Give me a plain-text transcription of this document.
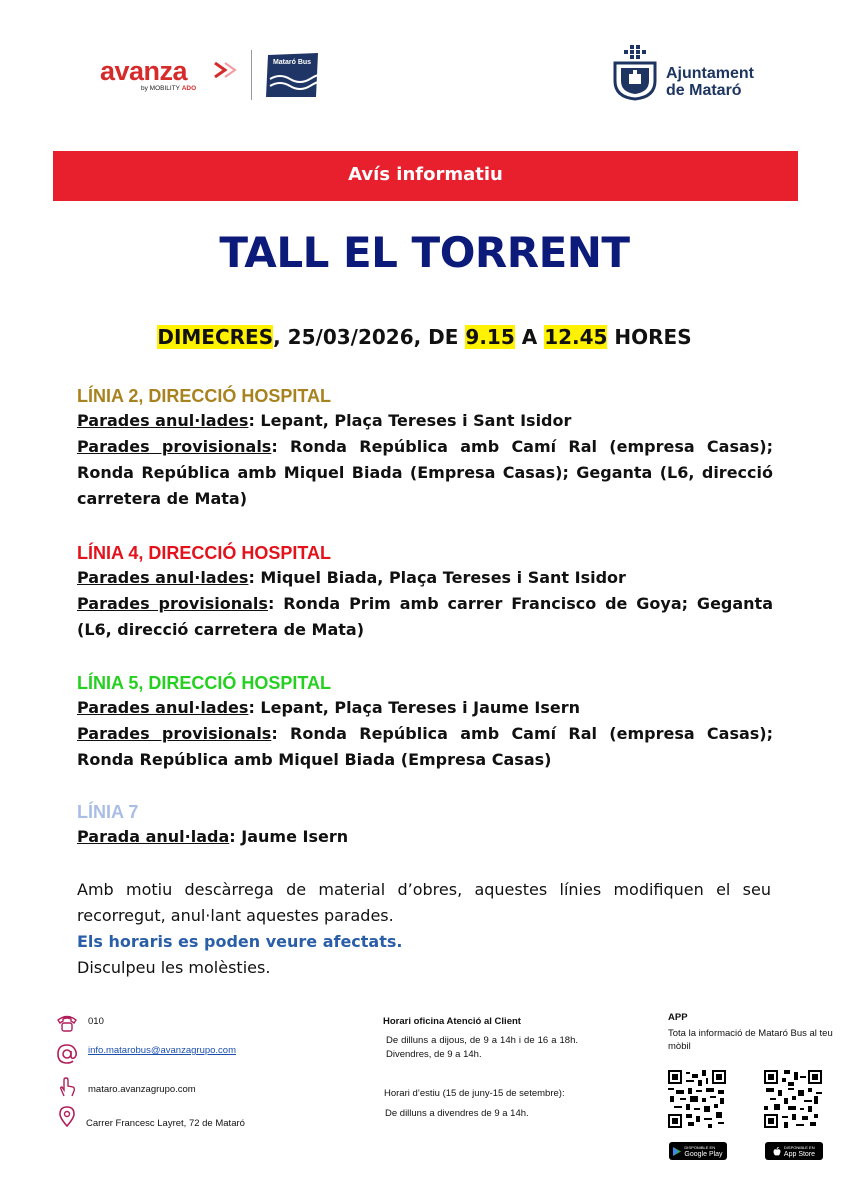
avanza
by MOBILITY ADO
Mataró Bus
Ajuntament
de Mataró
Avís informatiu
TALL EL TORRENT
DIMECRES, 25/03/2026, DE 9.15 A 12.45 HORES
LÍNIA 2, DIRECCIÓ HOSPITAL

Parades anul·lades: Lepant, Plaça Tereses i Sant Isidor

Parades provisionals: Ronda República amb Camí Ral (empresa Casas); Ronda República amb Miquel Biada (Empresa Casas); Geganta (L6, direcció carretera de Mata)

LÍNIA 4, DIRECCIÓ HOSPITAL

Parades anul·lades: Miquel Biada, Plaça Tereses i Sant Isidor

Parades provisionals: Ronda Prim amb carrer Francisco de Goya; Geganta (L6, direcció carretera de Mata)

LÍNIA 5, DIRECCIÓ HOSPITAL

Parades anul·lades: Lepant, Plaça Tereses i Jaume Isern

Parades provisionals: Ronda República amb Camí Ral (empresa Casas); Ronda República amb Miquel Biada (Empresa Casas)

LÍNIA 7

Parada anul·lada: Jaume Isern

Amb motiu descàrrega de material d’obres, aquestes línies modifiquen el seu recorregut, anul·lant aquestes parades.

Els horaris es poden veure afectats.

Disculpeu les molèsties.

010
info.matarobus@avanzagrupo.com
mataro.avanzagrupo.com
Carrer Francesc Layret, 72 de Mataró
Horari oficina Atenció al Client
De dilluns a dijous, de 9 a 14h i de 16 a 18h. Divendres, de 9 a 14h.
Horari d’estiu (15 de juny-15 de setembre):
De dilluns a divendres de 9 a 14h.
APP
Tota la informació de Mataró Bus al teu mòbil
DISPONIBLE EN
Google Play
DISPONIBLE EN
App Store
